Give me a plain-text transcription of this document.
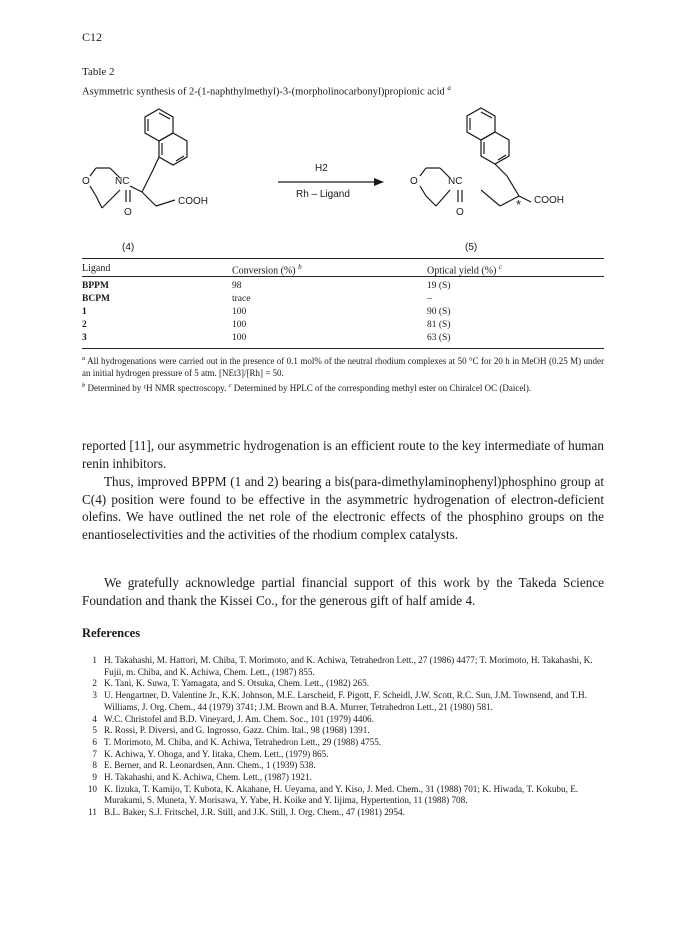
C12
Table 2
Asymmetric synthesis of 2-(1-naphthylmethyl)-3-(morpholinocarbonyl)propionic acid $^a$
O	NC
O
COOH
(4)
H2
Rh – Ligand
O	NC
O
* COOH
(5)
Ligand	Conversion (%) $^b$	Optical yield (%) $^c$
BPPM	98	19 (S)
BCPM	trace	–
1	100	90 (S)
2	100	81 (S)
3	100	63 (S)
$^a$ All hydrogenations were carried out in the presence of 0.1 mol% of the neutral rhodium complexes at 50 °C for 20 h in MeOH (0.25 M) under an initial hydrogen pressure of 5 atm. [NEt3]/[Rh] = 50.
$^b$ Determined by ¹H NMR spectroscopy. $^c$ Determined by HPLC of the corresponding methyl ester on Chiralcel OC (Daicel).
reported [11], our asymmetric hydrogenation is an efficient route to the key intermediate of human renin inhibitors.
Thus, improved BPPM (1 and 2) bearing a bis(para-dimethylaminophenyl)phosphino group at C(4) position were found to be effective in the asymmetric hydrogenation of electron-deficient olefins. We have outlined the net role of the electronic effects of the phosphino groups on the enantioselectivities and the activities of the rhodium complex catalysts.
We gratefully acknowledge partial financial support of this work by the Takeda Science Foundation and thank the Kissei Co., for the generous gift of half amide 4.
References
1 H. Takahashi, M. Hattori, M. Chiba, T. Morimoto, and K. Achiwa, Tetrahedron Lett., 27 (1986) 4477; T. Morimoto, H. Takahashi, K. Fujii, m. Chiba, and K. Achiwa, Chem. Lett., (1987) 855.
2 K. Tani, K. Suwa, T. Yamagata, and S. Otsuka, Chem. Lett., (1982) 265.
3 U. Hengartner, D. Valentine Jr., K.K. Johnson, M.E. Larscheid, F. Pigott, F. Scheidl, J.W. Scott, R.C. Sun, J.M. Townsend, and T.H. Williams, J. Org. Chem., 44 (1979) 3741; J.M. Brown and B.A. Murrer, Tetrahedron Lett., 21 (1980) 581.
4 W.C. Christofel and B.D. Vineyard, J. Am. Chem. Soc., 101 (1979) 4406.
5 R. Rossi, P. Diversi, and G. Ingrosso, Gazz. Chim. Ital., 98 (1968) 1391.
6 T. Morimoto, M. Chiba, and K. Achiwa, Tetrahedron Lett., 29 (1988) 4755.
7 K. Achiwa, Y. Ohoga, and Y. Iitaka, Chem. Lett., (1979) 865.
8 E. Berner, and R. Leonardsen, Ann. Chem., 1 (1939) 538.
9 H. Takahashi, and K. Achiwa, Chem. Lett., (1987) 1921.
10 K. Iizuka, T. Kamijo, T. Kubota, K. Akahane, H. Ueyama, and Y. Kiso, J. Med. Chem., 31 (1988) 701; K. Hiwada, T. Kokubu, E. Murakami, S. Muneta, Y. Morisawa, Y. Yabe, H. Koike and Y. Iijima, Hypertention, 11 (1988) 708.
11 B.L. Baker, S.J. Fritschel, J.R. Still, and J.K. Still, J. Org. Chem., 47 (1981) 2954.
